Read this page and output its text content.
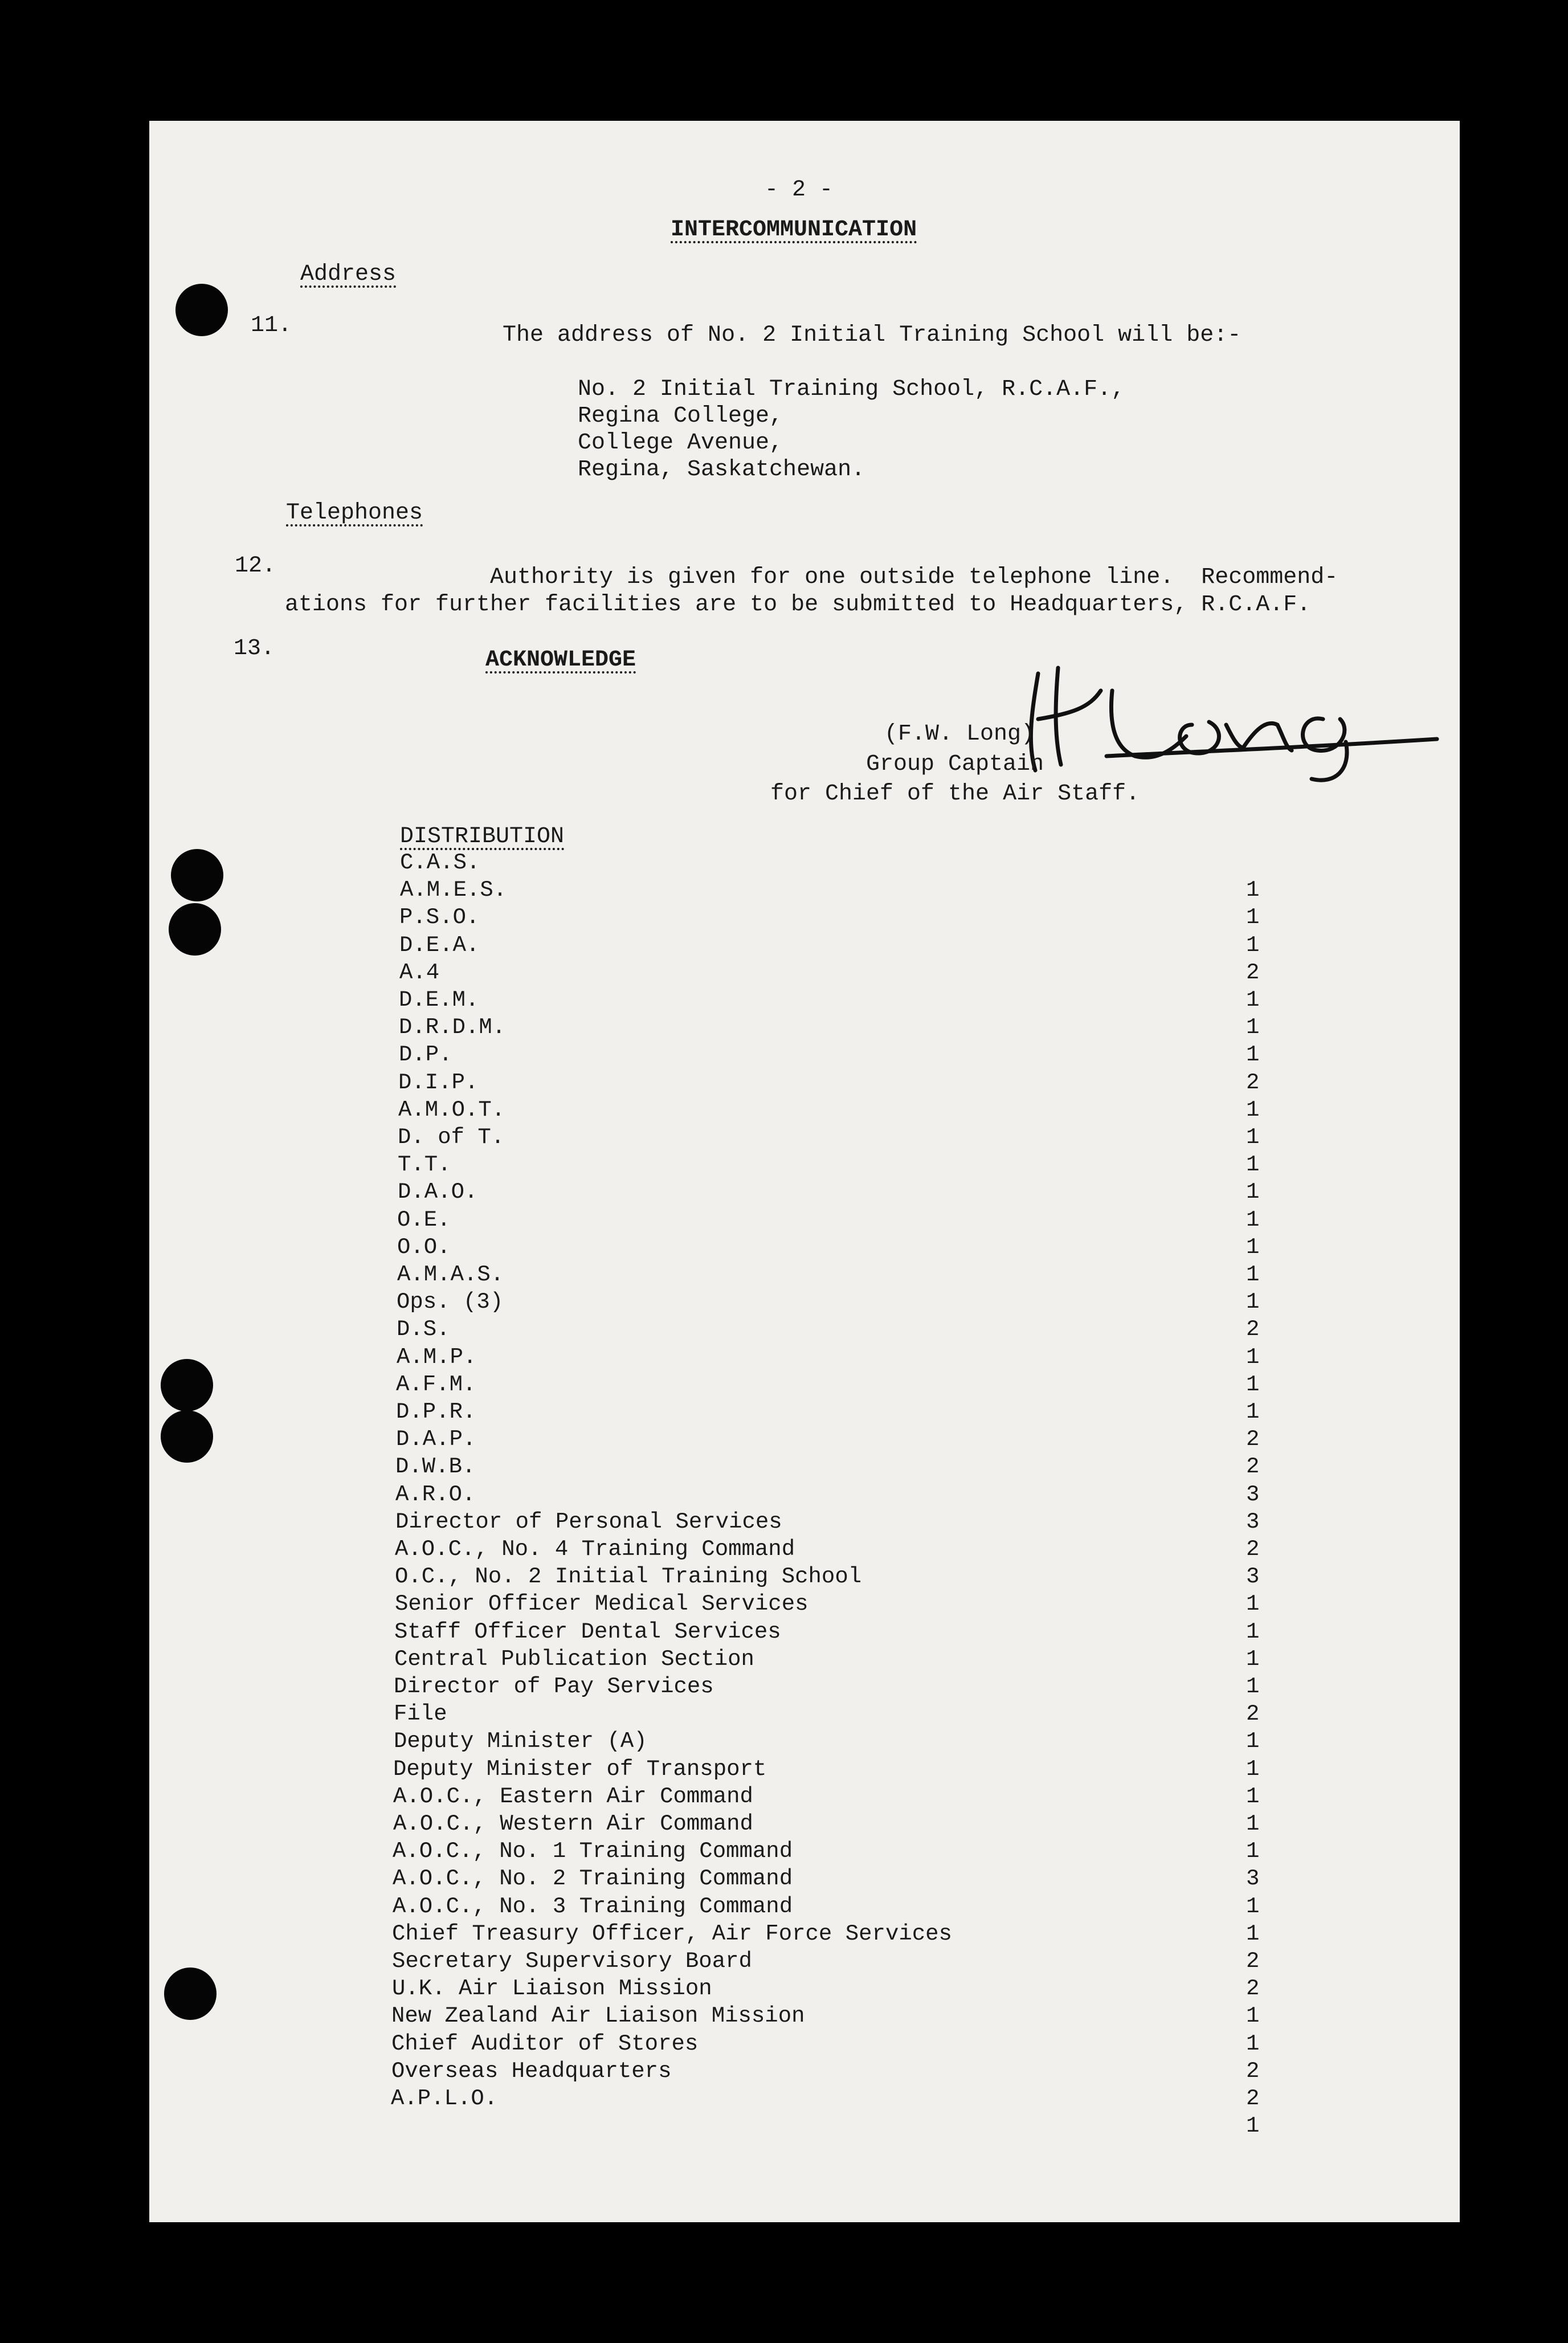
- 2 -
INTERCOMMUNICATION
Address
11.	The address of No. 2 Initial Training School will be:-
No. 2 Initial Training School, R.C.A.F.,
Regina College,
College Avenue,
Regina, Saskatchewan.
Telephones
12.	Authority is given for one outside telephone line.  Recommend-
ations for further facilities are to be submitted to Headquarters, R.C.A.F.
13.	ACKNOWLEDGE
(F.W. Long)
Group Captain
for Chief of the Air Staff.
DISTRIBUTION
C.A.S.
A.M.E.S.	1
P.S.O.	1
D.E.A.	1
A.4	2
D.E.M.	1
D.R.D.M.	1
D.P.	1
D.I.P.	2
A.M.O.T.	1
D. of T.	1
T.T.	1
D.A.O.	1
O.E.	1
O.O.	1
A.M.A.S.	1
Ops. (3)	1
D.S.	2
A.M.P.	1
A.F.M.	1
D.P.R.	1
D.A.P.	2
D.W.B.	2
A.R.O.	3
Director of Personal Services	3
A.O.C., No. 4 Training Command	2
O.C., No. 2 Initial Training School	3
Senior Officer Medical Services	1
Staff Officer Dental Services	1
Central Publication Section	1
Director of Pay Services	1
File	2
Deputy Minister (A)	1
Deputy Minister of Transport	1
A.O.C., Eastern Air Command	1
A.O.C., Western Air Command	1
A.O.C., No. 1 Training Command	1
A.O.C., No. 2 Training Command	3
A.O.C., No. 3 Training Command	1
Chief Treasury Officer, Air Force Services	1
Secretary Supervisory Board	2
U.K. Air Liaison Mission	2
New Zealand Air Liaison Mission	1
Chief Auditor of Stores	1
Overseas Headquarters	2
A.P.L.O.	2
1
